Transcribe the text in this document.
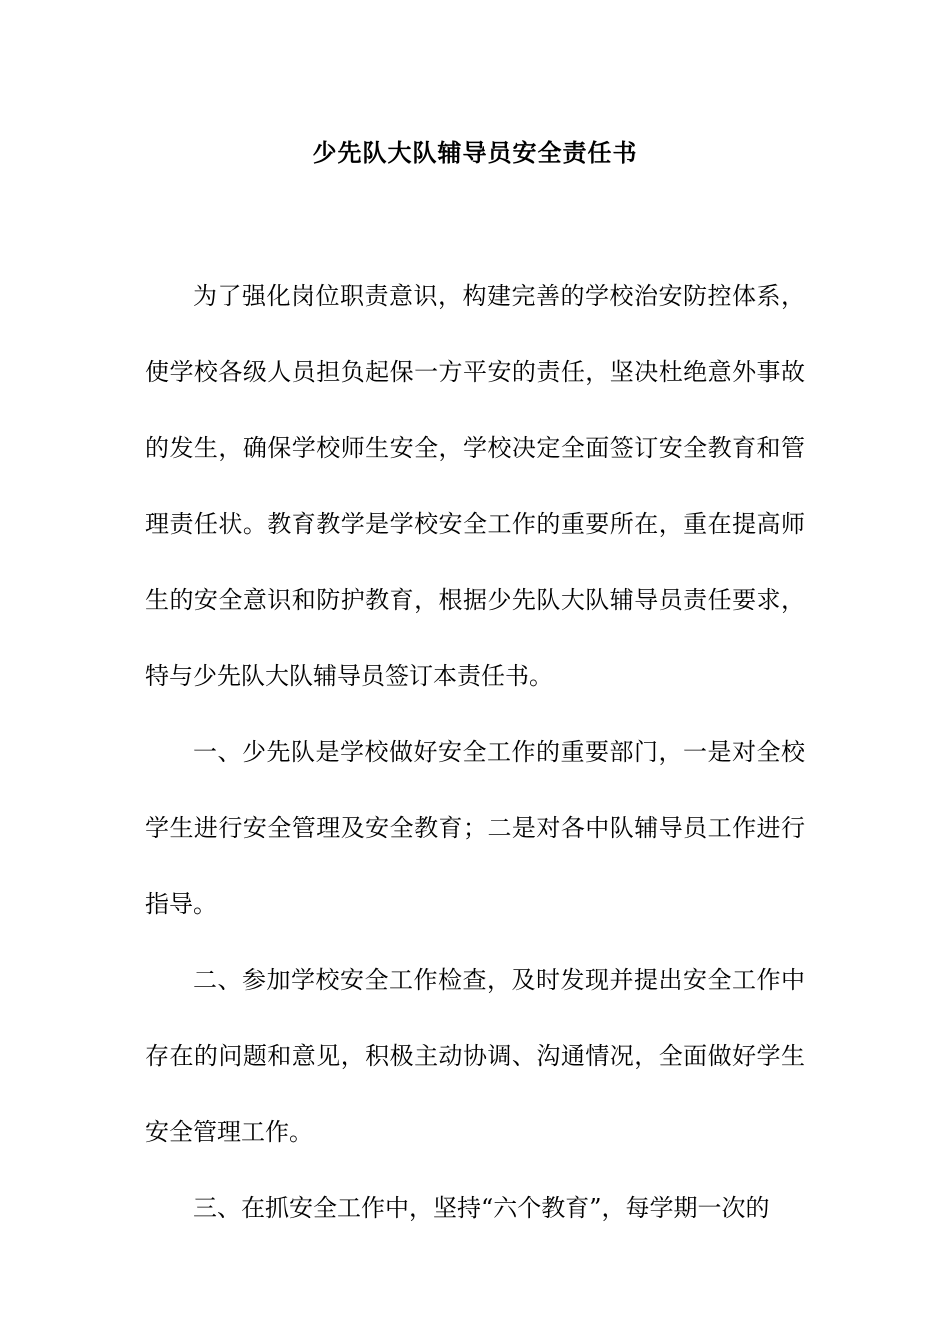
少先队大队辅导员安全责任书

为了强化岗位职责意识，构建完善的学校治安防控体系，使学校各级人员担负起保一方平安的责任，坚决杜绝意外事故的发生，确保学校师生安全，学校决定全面签订安全教育和管理责任状。教育教学是学校安全工作的重要所在，重在提高师生的安全意识和防护教育，根据少先队大队辅导员责任要求，特与少先队大队辅导员签订本责任书。

一、少先队是学校做好安全工作的重要部门，一是对全校学生进行安全管理及安全教育；二是对各中队辅导员工作进行指导。

二、参加学校安全工作检查，及时发现并提出安全工作中存在的问题和意见，积极主动协调、沟通情况，全面做好学生安全管理工作。

三、在抓安全工作中，坚持“六个教育”，每学期一次的
